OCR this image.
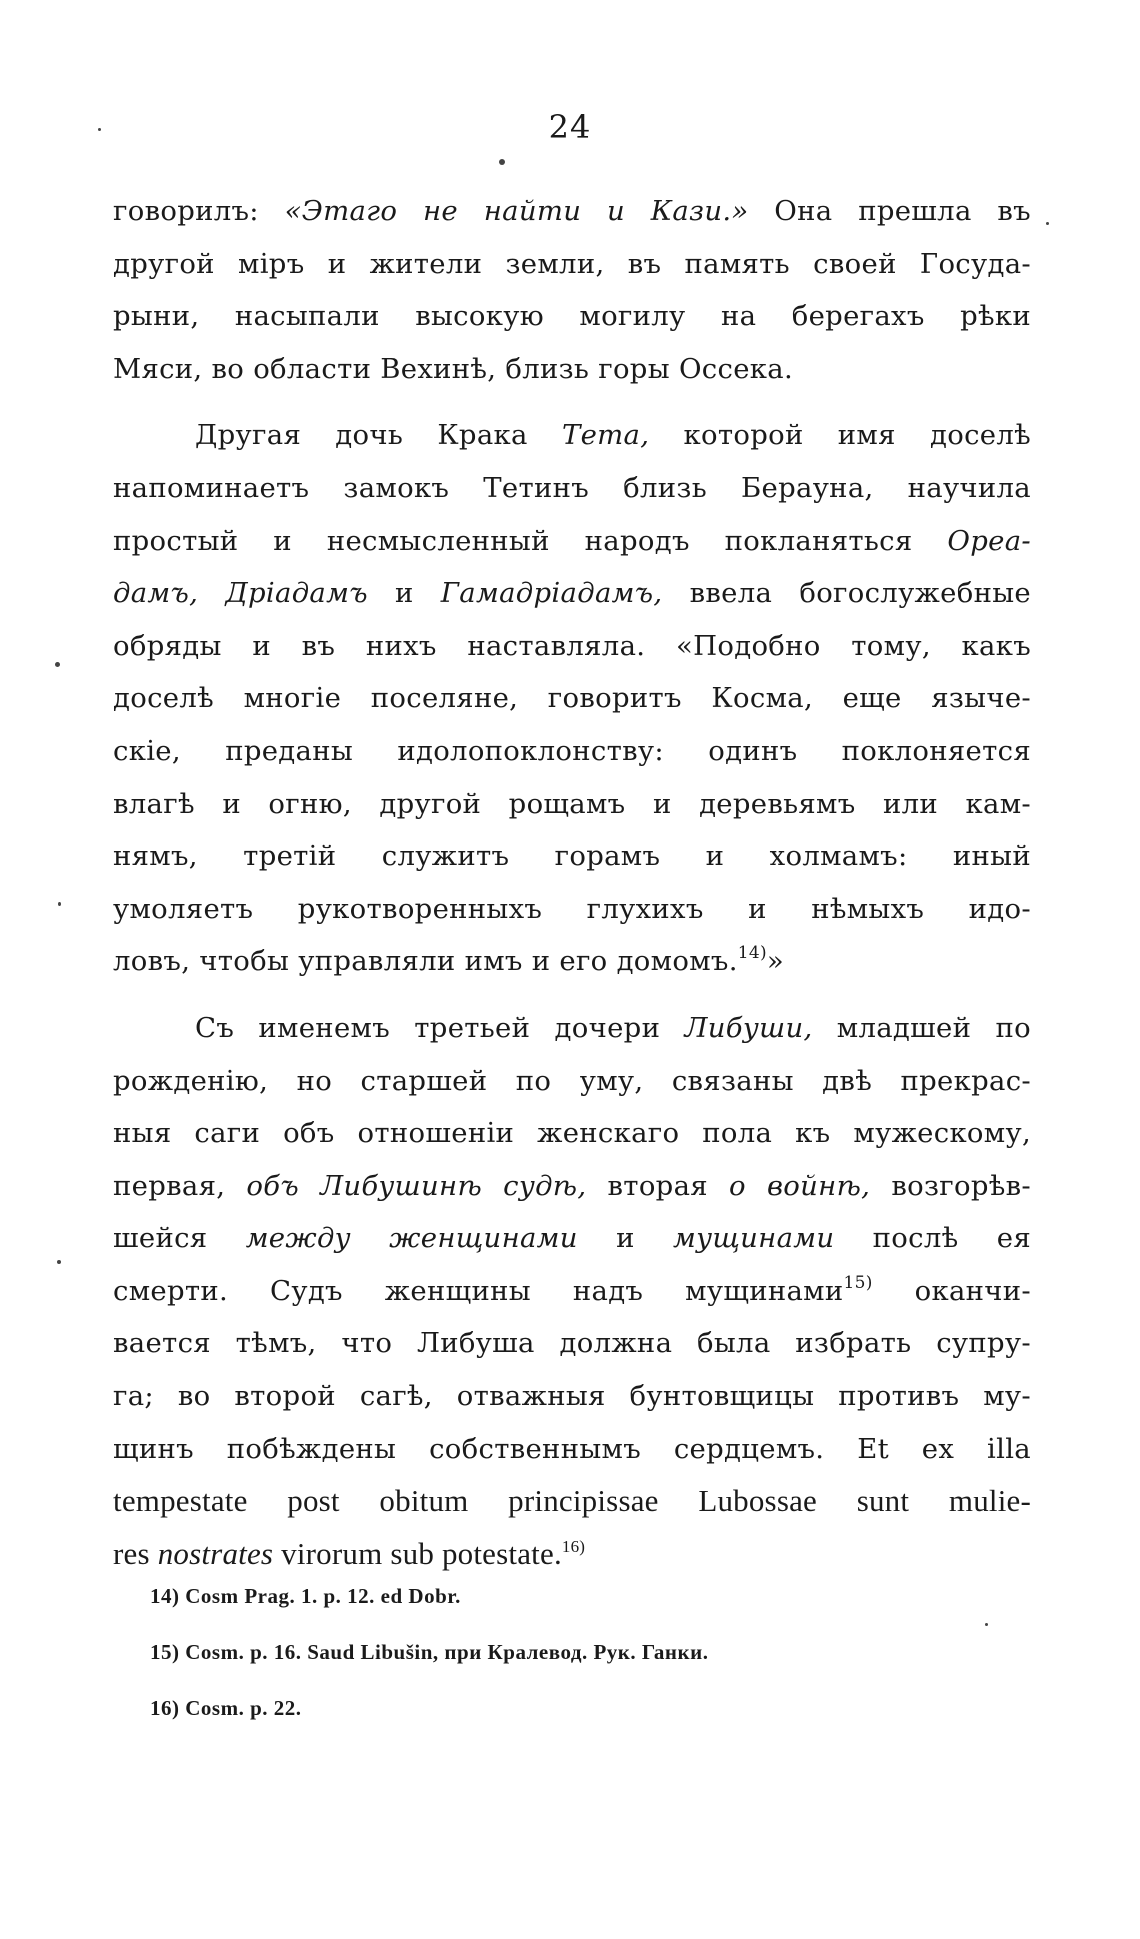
24
говорилъ: «Этаго не найти и Кази.» Она прешла въ
другой міръ и жители земли, въ память своей Госуда-
рыни, насыпали высокую могилу на берегахъ рѣки
Мяси, во области Вехинѣ, близь горы Оссека.
Другая дочь Крака Тета, которой имя доселѣ
напоминаетъ замокъ Тетинъ близь Бераунa, научила
простый и несмысленный народъ покланяться Ореа-
дамъ, Дріадамъ и Гамадріадамъ, ввела богослужебные
обряды и въ нихъ наставляла. «Подобно тому, какъ
доселѣ многіе поселяне, говоритъ Косма, еще языче-
скіе, преданы идолопоклонству: одинъ поклоняется
влагѣ и огню, другой рощамъ и деревьямъ или кам-
нямъ, третій служитъ горамъ и холмамъ: иный
умоляетъ рукотворенныхъ глухихъ и нѣмыхъ идо-
ловъ, чтобы управляли имъ и его домомъ.$^{14)}$»
Съ именемъ третьей дочери Либуши, младшей по
рожденію, но старшей по уму, связаны двѣ прекрас-
ныя саги объ отношеніи женскаго пола къ мужескому,
первая, объ Либушинѣ судѣ, вторая о войнѣ, возгорѣв-
шейся между женщинами и мущинами послѣ ея
смерти. Судъ женщины надъ мущинами$^{15)}$ оканчи-
вается тѣмъ, что Либуша должна была избрать супру-
га; во второй сагѣ, отважныя бунтовщицы противъ му-
щинъ побѣждены собственнымъ сердцемъ. Et ex illa
tempestate post obitum principissae Lubossae sunt mulie-
res nostrates virorum sub potestate.$^{16)}$
14) Cosm Prag. 1. p. 12. ed Dobr.
15) Cosm. p. 16. Saud Libušin, при Кралевод. Рук. Ганки.
16) Cosm. p. 22.
